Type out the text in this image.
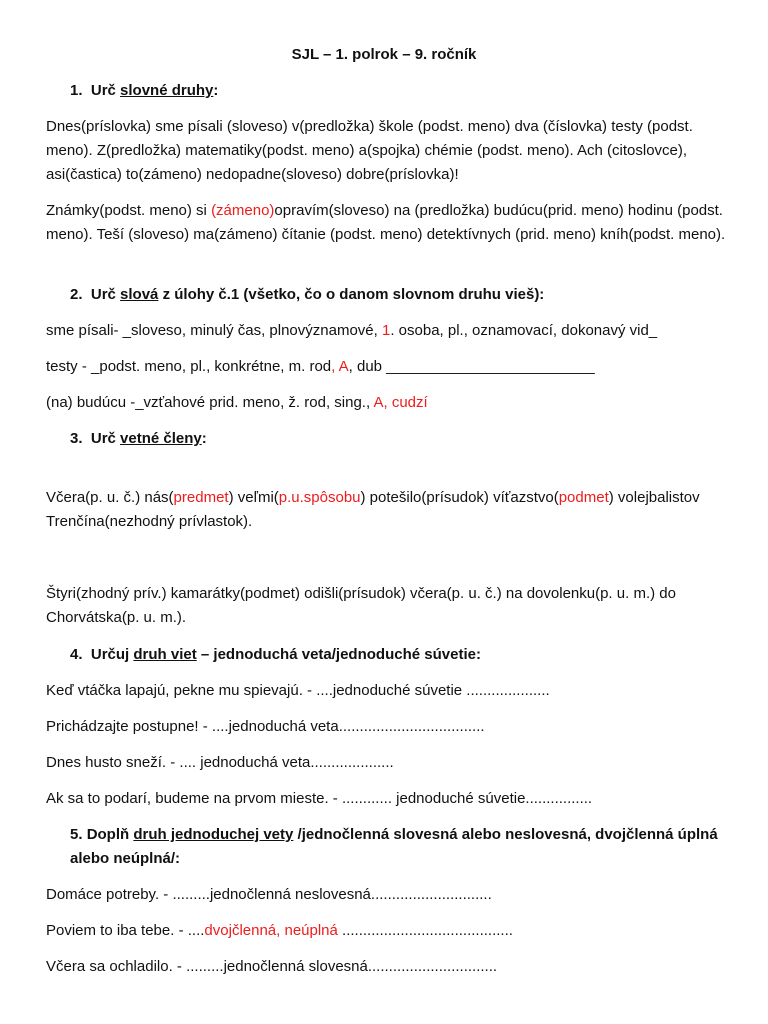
SJL – 1. polrok – 9. ročník
1. Urč slovné druhy:
Dnes(príslovka) sme písali (sloveso) v(predložka) škole (podst. meno) dva (číslovka) testy (podst. meno). Z(predložka) matematiky(podst. meno) a(spojka) chémie (podst. meno). Ach (citoslovce), asi(častica) to(zámeno) nedopadne(sloveso) dobre(príslovka)!
Známky(podst. meno) si (zámeno)opravím(sloveso) na (predložka) budúcu(prid. meno) hodinu (podst. meno). Teší (sloveso) ma(zámeno) čítanie (podst. meno) detektívnych (prid. meno) kníh(podst. meno).
2. Urč slová z úlohy č.1 (všetko, čo o danom slovnom druhu vieš):
sme písali- _sloveso, minulý čas, plnovýznamové, 1. osoba, pl., oznamovací, dokonavý vid_
testy - _podst. meno, pl., konkrétne, m. rod, A, dub _________________________
(na) budúcu -_vzťahové prid. meno, ž. rod, sing., A, cudzí
3. Urč vetné členy:
Včera(p. u. č.) nás(predmet) veľmi(p.u.spôsobu) potešilo(prísudok) víťazstvo(podmet) volejbalistov Trenčína(nezhodný prívlastok).
Štyri(zhodný prív.) kamarátky(podmet) odišli(prísudok) včera(p. u. č.) na dovolenku(p. u. m.) do Chorvátska(p. u. m.).
4. Určuj druh viet – jednoduchá veta/jednoduché súvetie:
Keď vtáčka lapajú, pekne mu spievajú. - ....jednoduché súvetie ....................
Prichádzajte postupne! - ....jednoduchá veta...................................
Dnes husto sneží. - .... jednoduchá veta....................
Ak sa to podarí, budeme na prvom mieste. - ............ jednoduché súvetie................
5. Doplň druh jednoduchej vety /jednočlenná slovesná alebo neslovesná, dvojčlenná úplná alebo neúplná/:
Domáce potreby. - .........jednočlenná neslovesná.............................
Poviem to iba tebe. - ....dvojčlenná, neúplná .........................................
Včera sa ochladilo. - .........jednočlenná slovesná...............................
